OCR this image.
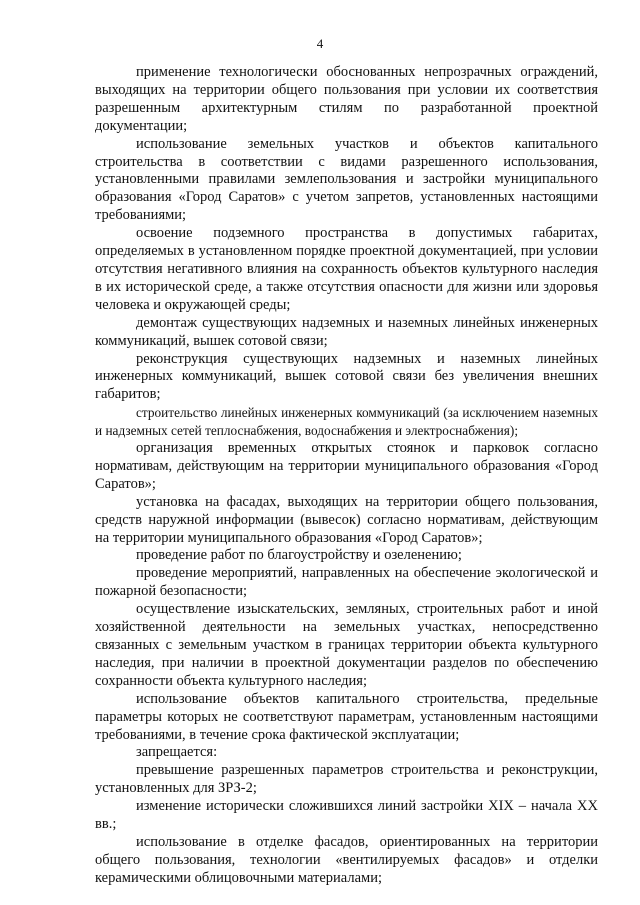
4

применение технологически обоснованных непрозрачных ограждений, выходящих на территории общего пользования при условии их соответствия разрешенным архитектурным стилям по разработанной проектной документации;

использование земельных участков и объектов капитального строительства в соответствии с видами разрешенного использования, установленными правилами землепользования и застройки муниципального образования «Город Саратов» с учетом запретов, установленных настоящими требованиями;

освоение подземного пространства в допустимых габаритах, определяемых в установленном порядке проектной документацией, при условии отсутствия негативного влияния на сохранность объектов культурного наследия в их исторической среде, а также отсутствия опасности для жизни или здоровья человека и окружающей среды;

демонтаж существующих надземных и наземных линейных инженерных коммуникаций, вышек сотовой связи;

реконструкция существующих надземных и наземных линейных инженерных коммуникаций, вышек сотовой связи без увеличения внешних габаритов;

строительство линейных инженерных коммуникаций (за исключением наземных и надземных сетей теплоснабжения, водоснабжения и электроснабжения);

организация временных открытых стоянок и парковок согласно нормативам, действующим на территории муниципального образования «Город Саратов»;

установка на фасадах, выходящих на территории общего пользования, средств наружной информации (вывесок) согласно нормативам, действующим на территории муниципального образования «Город Саратов»;

проведение работ по благоустройству и озеленению;

проведение мероприятий, направленных на обеспечение экологической и пожарной безопасности;

осуществление изыскательских, земляных, строительных работ и иной хозяйственной деятельности на земельных участках, непосредственно связанных с земельным участком в границах территории объекта культурного наследия, при наличии в проектной документации разделов по обеспечению сохранности объекта культурного наследия;

использование объектов капитального строительства, предельные параметры которых не соответствуют параметрам, установленным настоящими требованиями, в течение срока фактической эксплуатации;

запрещается:

превышение разрешенных параметров строительства и реконструкции, установленных для ЗРЗ-2;

изменение исторически сложившихся линий застройки XIX – начала XX вв.;

использование в отделке фасадов, ориентированных на территории общего пользования, технологии «вентилируемых фасадов» и отделки керамическими облицовочными материалами;
